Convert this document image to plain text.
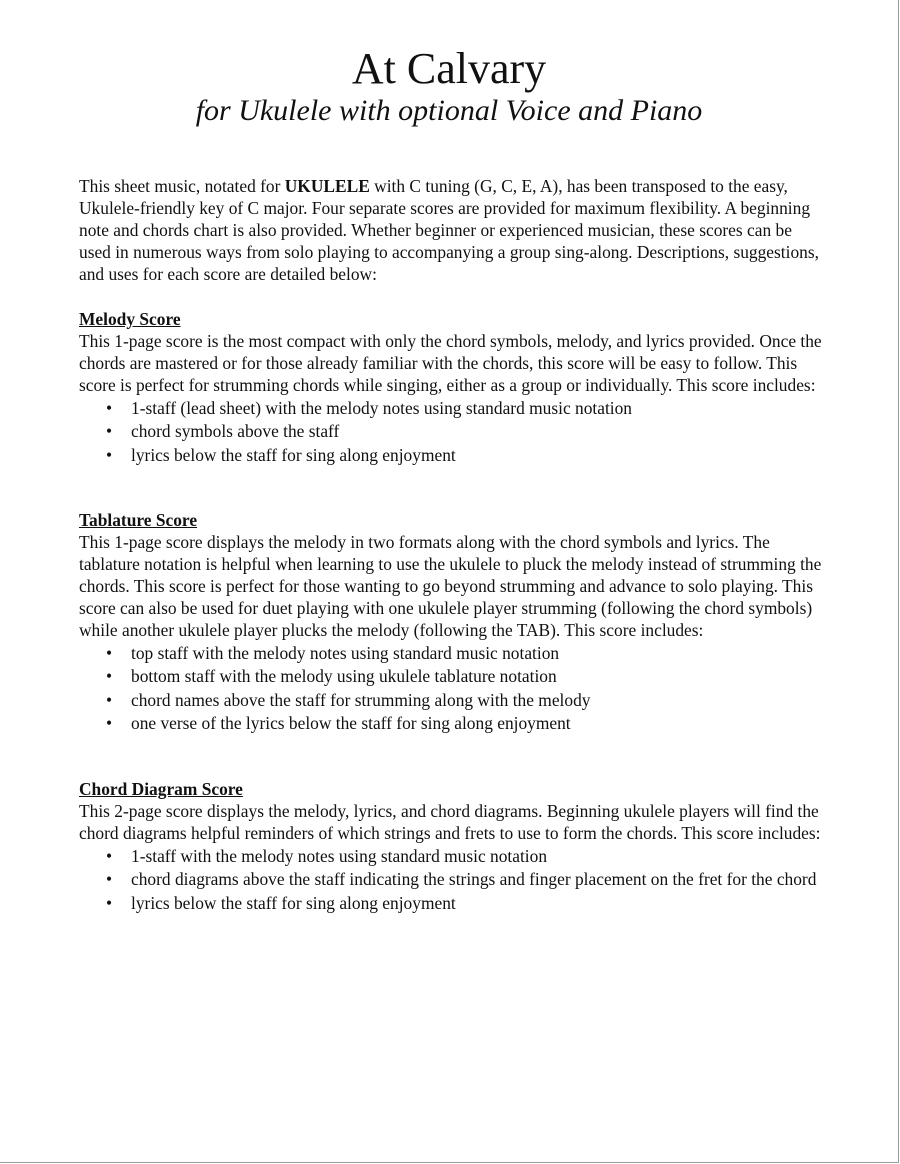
At Calvary
for Ukulele with optional Voice and Piano

This sheet music, notated for UKULELE with C tuning (G, C, E, A), has been transposed to the easy, Ukulele-friendly key of C major. Four separate scores are provided for maximum flexibility. A beginning note and chords chart is also provided. Whether beginner or experienced musician, these scores can be used in numerous ways from solo playing to accompanying a group sing-along. Descriptions, suggestions, and uses for each score are detailed below:

Melody Score

This 1-page score is the most compact with only the chord symbols, melody, and lyrics provided. Once the chords are mastered or for those already familiar with the chords, this score will be easy to follow. This score is perfect for strumming chords while singing, either as a group or individually. This score includes:

• 1-staff (lead sheet) with the melody notes using standard music notation
• chord symbols above the staff
• lyrics below the staff for sing along enjoyment

Tablature Score

This 1-page score displays the melody in two formats along with the chord symbols and lyrics. The tablature notation is helpful when learning to use the ukulele to pluck the melody instead of strumming the chords. This score is perfect for those wanting to go beyond strumming and advance to solo playing. This score can also be used for duet playing with one ukulele player strumming (following the chord symbols) while another ukulele player plucks the melody (following the TAB). This score includes:

• top staff with the melody notes using standard music notation
• bottom staff with the melody using ukulele tablature notation
• chord names above the staff for strumming along with the melody
• one verse of the lyrics below the staff for sing along enjoyment

Chord Diagram Score

This 2-page score displays the melody, lyrics, and chord diagrams. Beginning ukulele players will find the chord diagrams helpful reminders of which strings and frets to use to form the chords. This score includes:

• 1-staff with the melody notes using standard music notation
• chord diagrams above the staff indicating the strings and finger placement on the fret for the chord
• lyrics below the staff for sing along enjoyment
